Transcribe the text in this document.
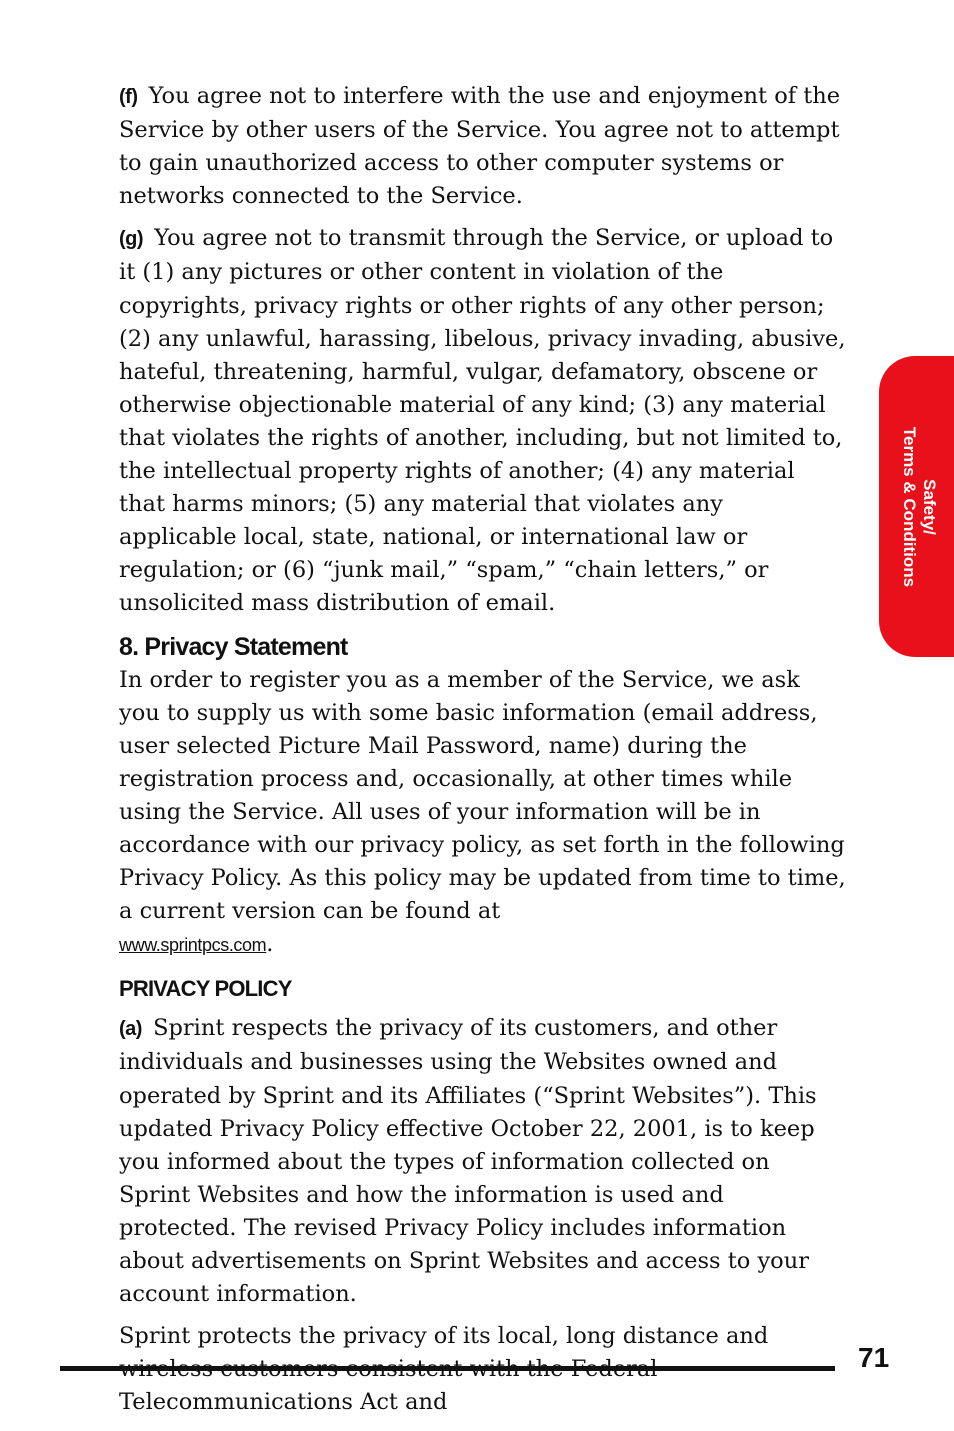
(f) You agree not to interfere with the use and enjoyment of the Service by other users of the Service. You agree not to attempt to gain unauthorized access to other computer systems or networks connected to the Service.

(g) You agree not to transmit through the Service, or upload to it (1) any pictures or other content in violation of the copyrights, privacy rights or other rights of any other person; (2) any unlawful, harassing, libelous, privacy invading, abusive, hateful, threatening, harmful, vulgar, defamatory, obscene or otherwise objectionable material of any kind; (3) any material that violates the rights of another, including, but not limited to, the intellectual property rights of another; (4) any material that harms minors; (5) any material that violates any applicable local, state, national, or international law or regulation; or (6) “junk mail,” “spam,” “chain letters,” or unsolicited mass distribution of email.

8. Privacy Statement

In order to register you as a member of the Service, we ask you to supply us with some basic information (email address, user selected Picture Mail Password, name) during the registration process and, occasionally, at other times while using the Service. All uses of your information will be in accordance with our privacy policy, as set forth in the following Privacy Policy. As this policy may be updated from time to time, a current version can be found at
www.sprintpcs.com.

PRIVACY POLICY

(a) Sprint respects the privacy of its customers, and other individuals and businesses using the Websites owned and operated by Sprint and its Affiliates (“Sprint Websites”). This updated Privacy Policy effective October 22, 2001, is to keep you informed about the types of information collected on Sprint Websites and how the information is used and protected. The revised Privacy Policy includes information about advertisements on Sprint Websites and access to your account information.

Sprint protects the privacy of its local, long distance and Telecommunications Act and

Safety/
Terms & Conditions
71
